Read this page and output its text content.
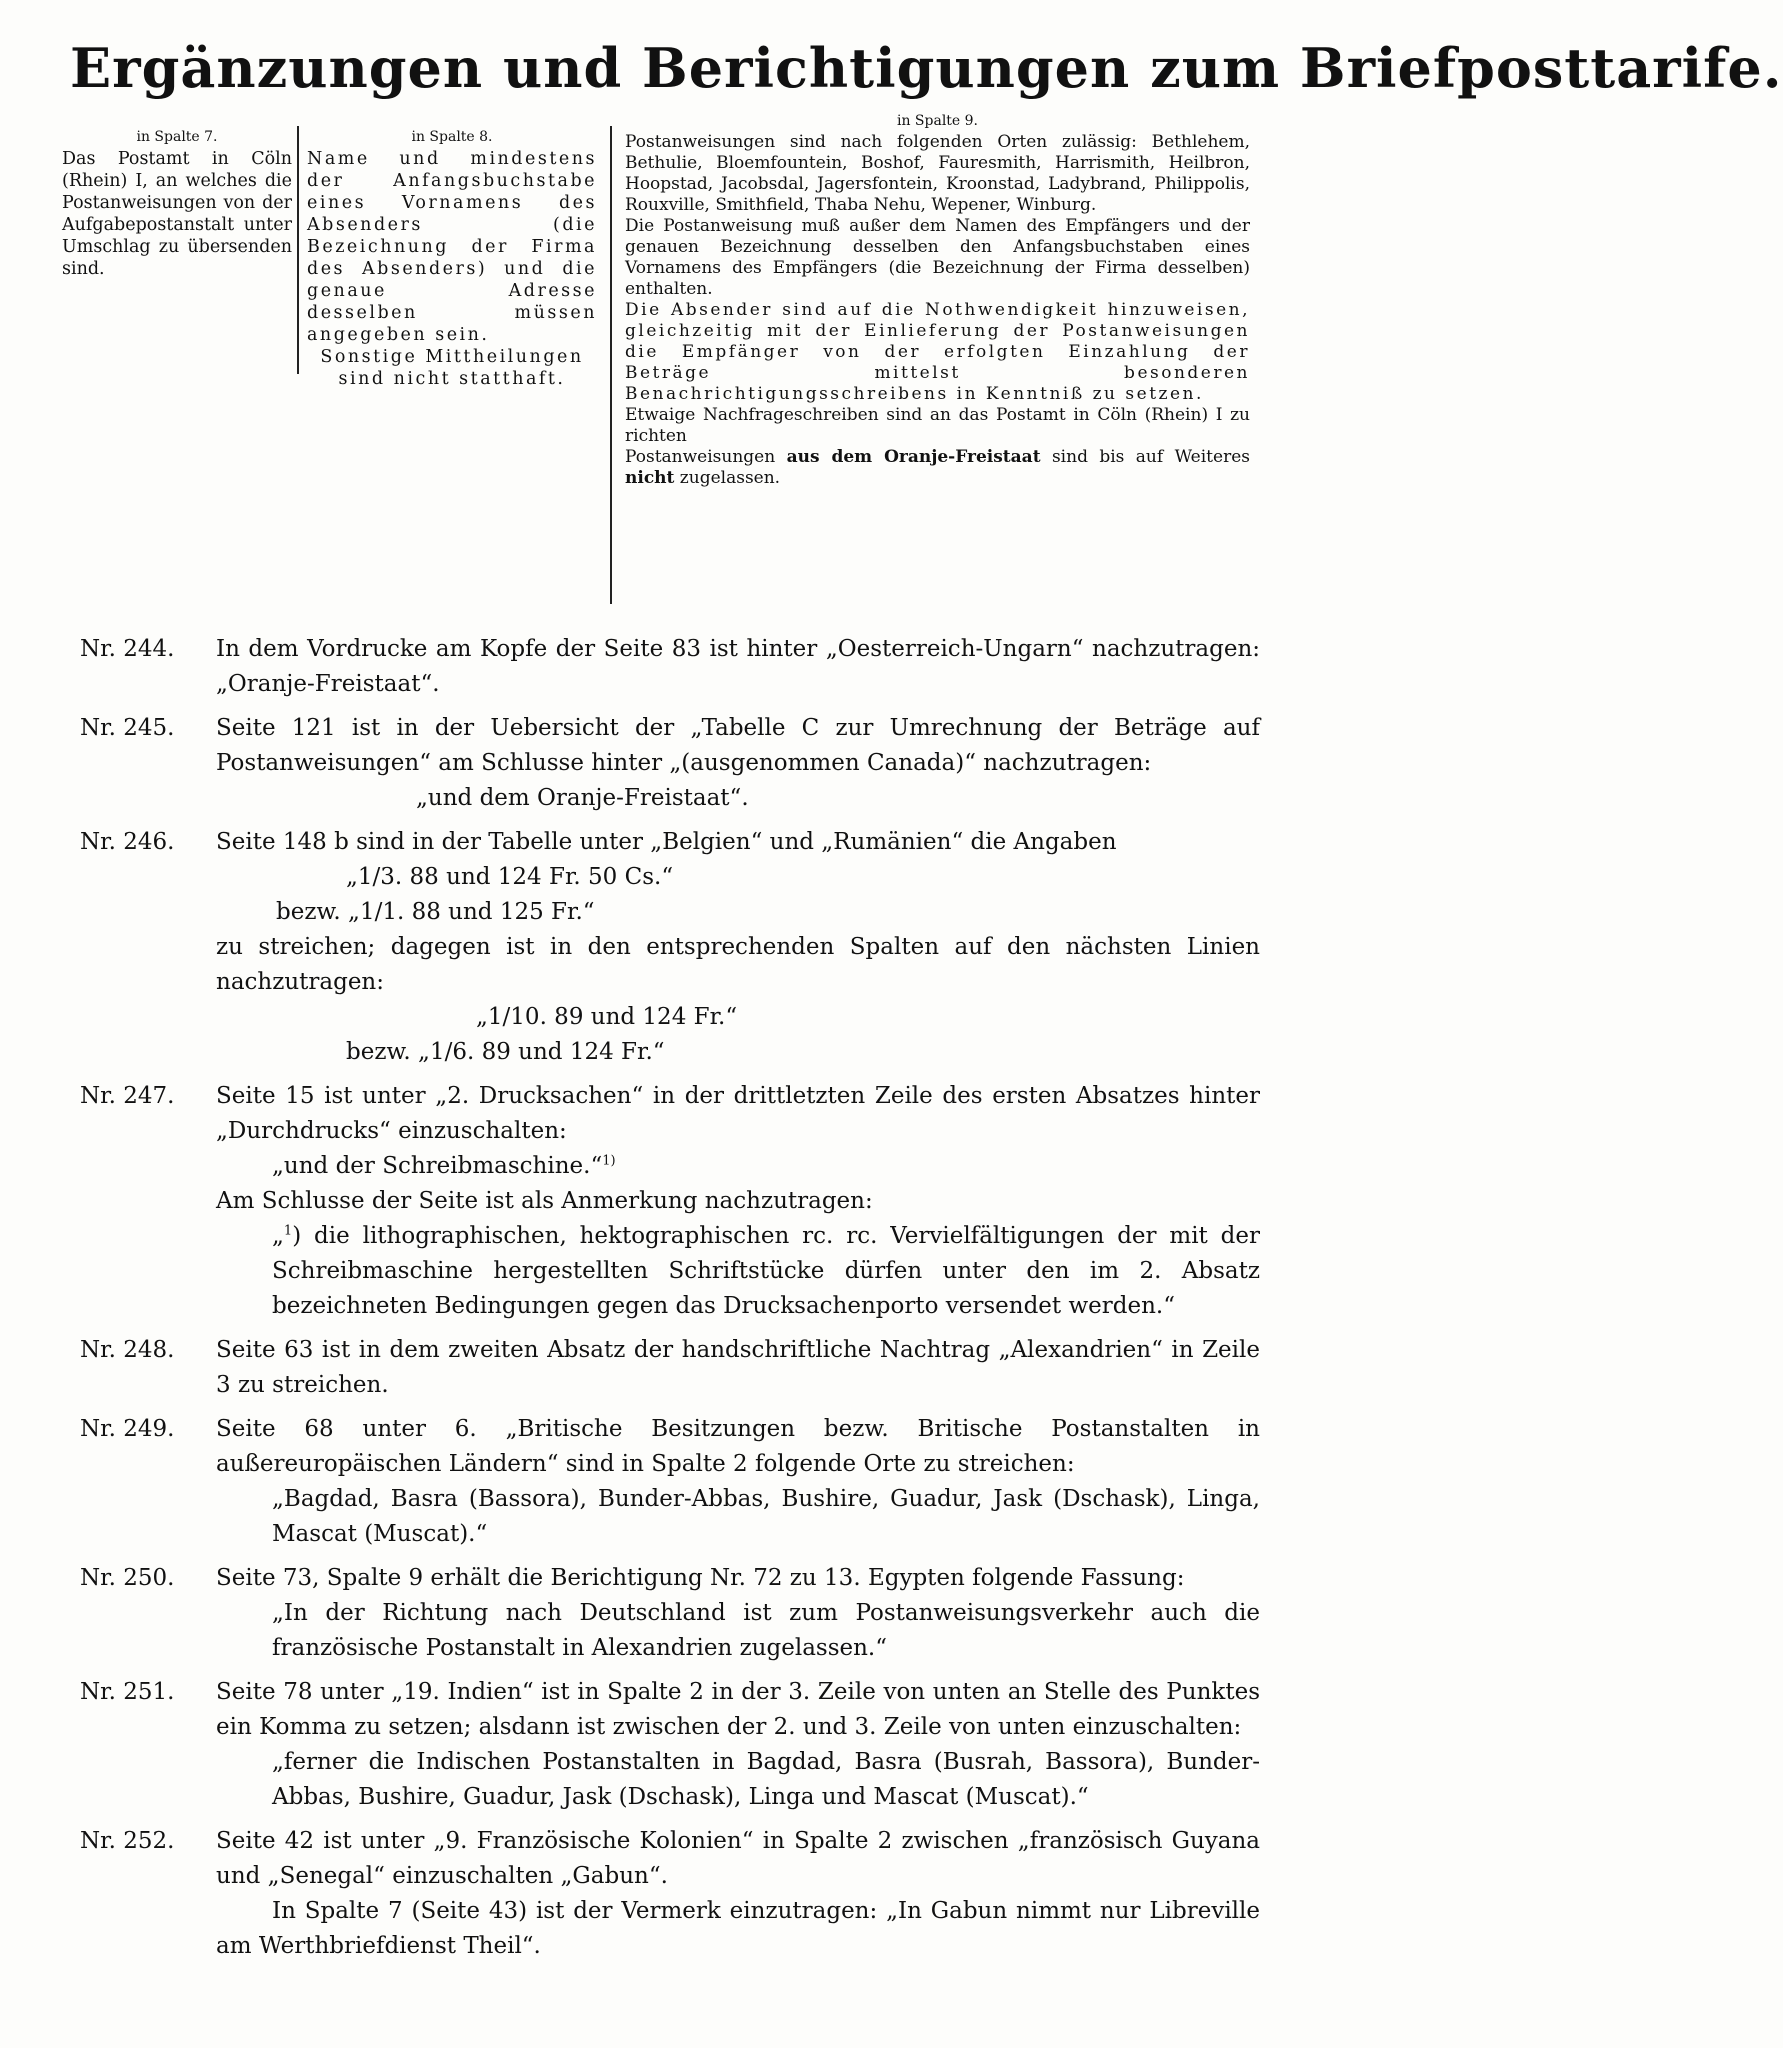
Ergänzungen und Berichtigungen zum Briefposttarife.
in Spalte 7.

Das Postamt in Cöln (Rhein) I, an welches die Postanweisungen von der Aufgabepostanstalt unter Umschlag zu übersenden sind.

in Spalte 8.

Name und mindestens der Anfangsbuchstabe eines Vornamens des Absenders (die Bezeichnung der Firma des Absenders) und die genaue Adresse desselben müssen angegeben sein.

Sonstige Mittheilungen sind nicht statthaft.

in Spalte 9.

Postanweisungen sind nach folgenden Orten zulässig: Bethlehem, Bethulie, Bloemfountein, Boshof, Fauresmith, Harrismith, Heilbron, Hoopstad, Jacobsdal, Jagersfontein, Kroonstad, Ladybrand, Philippolis, Rouxville, Smithfield, Thaba Nehu, Wepener, Winburg.

Die Postanweisung muß außer dem Namen des Empfängers und der genauen Bezeichnung desselben den Anfangsbuchstaben eines Vornamens des Empfängers (die Bezeichnung der Firma desselben) enthalten.

Die Absender sind auf die Nothwendigkeit hinzuweisen, gleichzeitig mit der Einlieferung der Postanweisungen die Empfänger von der erfolgten Einzahlung der Beträge mittelst besonderen Benachrichtigungsschreibens in Kenntniß zu setzen.

Etwaige Nachfrageschreiben sind an das Postamt in Cöln (Rhein) I zu richten

Postanweisungen aus dem Oranje-Freistaat sind bis auf Weiteres nicht zugelassen.

Nr. 244.	In dem Vordrucke am Kopfe der Seite 83 ist hinter „Oesterreich-Ungarn“ nachzutragen: „Oranje-Freistaat“.

Nr. 245.	Seite 121 ist in der Uebersicht der „Tabelle C zur Umrechnung der Beträge auf Postanweisungen“ am Schlusse hinter „(ausgenommen Canada)“ nachzutragen:

„und dem Oranje-Freistaat“.

Nr. 246.	Seite 148 b sind in der Tabelle unter „Belgien“ und „Rumänien“ die Angaben

„1/3. 88 und 124 Fr. 50 Cs.“

bezw. „1/1. 88 und 125 Fr.“

zu streichen; dagegen ist in den entsprechenden Spalten auf den nächsten Linien nachzutragen:

„1/10. 89 und 124 Fr.“

bezw. „1/6. 89 und 124 Fr.“

Nr. 247.	Seite 15 ist unter „2. Drucksachen“ in der drittletzten Zeile des ersten Absatzes hinter „Durchdrucks“ einzuschalten:

„und der Schreibmaschine.“$^{1)}$

Am Schlusse der Seite ist als Anmerkung nachzutragen:

„$^1$) die lithographischen, hektographischen rc. rc. Vervielfältigungen der mit der Schreibmaschine hergestellten Schriftstücke dürfen unter den im 2. Absatz bezeichneten Bedingungen gegen das Drucksachenporto versendet werden.“

Nr. 248.	Seite 63 ist in dem zweiten Absatz der handschriftliche Nachtrag „Alexandrien“ in Zeile 3 zu streichen.

Nr. 249.	Seite 68 unter 6. „Britische Besitzungen bezw. Britische Postanstalten in außereuropäischen Ländern“ sind in Spalte 2 folgende Orte zu streichen:

„Bagdad, Basra (Bassora), Bunder-Abbas, Bushire, Guadur, Jask (Dschask), Linga, Mascat (Muscat).“

Nr. 250.	Seite 73, Spalte 9 erhält die Berichtigung Nr. 72 zu 13. Egypten folgende Fassung:

„In der Richtung nach Deutschland ist zum Postanweisungsverkehr auch die französische Postanstalt in Alexandrien zugelassen.“

Nr. 251.	Seite 78 unter „19. Indien“ ist in Spalte 2 in der 3. Zeile von unten an Stelle des Punktes ein Komma zu setzen; alsdann ist zwischen der 2. und 3. Zeile von unten einzuschalten:

„ferner die Indischen Postanstalten in Bagdad, Basra (Busrah, Bassora), Bunder-Abbas, Bushire, Guadur, Jask (Dschask), Linga und Mascat (Muscat).“

Nr. 252.	Seite 42 ist unter „9. Französische Kolonien“ in Spalte 2 zwischen „französisch Guyana und „Senegal“ einzuschalten „Gabun“.

In Spalte 7 (Seite 43) ist der Vermerk einzutragen: „In Gabun nimmt nur Libreville am Werthbriefdienst Theil“.
